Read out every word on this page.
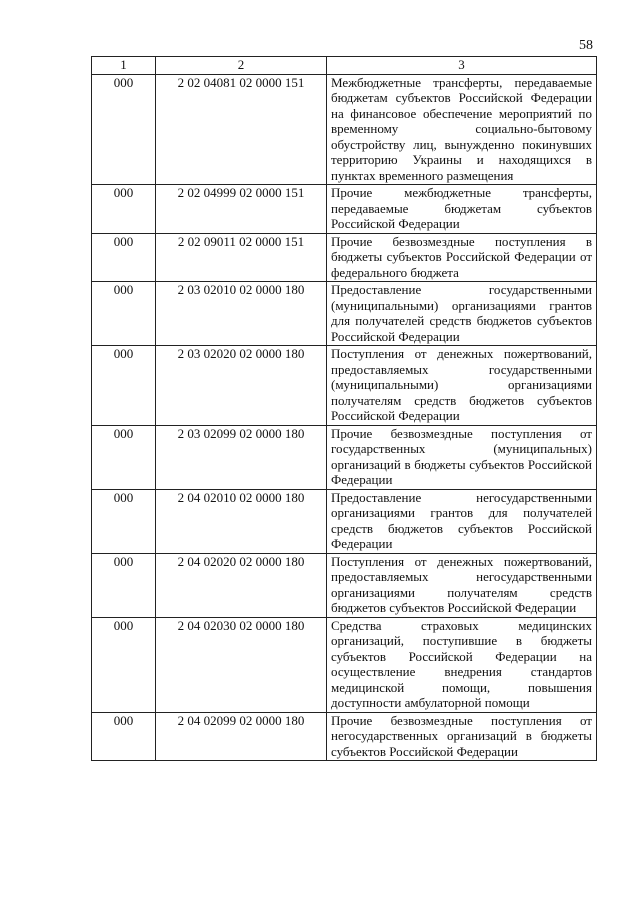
58
1	2	3
000	2 02 04081 02 0000 151	Межбюджетные трансферты, передаваемые бюджетам субъектов Российской Федерации на финансовое обеспечение мероприятий по временному социально-бытовому обустройству лиц, вынужденно покинувших территорию Украины и находящихся в пунктах временного размещения
000	2 02 04999 02 0000 151	Прочие межбюджетные трансферты, передаваемые бюджетам субъектов Российской Федерации
000	2 02 09011 02 0000 151	Прочие безвозмездные поступления в бюджеты субъектов Российской Федерации от федерального бюджета
000	2 03 02010 02 0000 180	Предоставление государственными (муниципальными) организациями грантов для получателей средств бюджетов субъектов Российской Федерации
000	2 03 02020 02 0000 180	Поступления от денежных пожертвований, предоставляемых государственными (муниципальными) организациями получателям средств бюджетов субъектов Российской Федерации
000	2 03 02099 02 0000 180	Прочие безвозмездные поступления от государственных (муниципальных) организаций в бюджеты субъектов Российской Федерации
000	2 04 02010 02 0000 180	Предоставление негосударственными организациями грантов для получателей средств бюджетов субъектов Российской Федерации
000	2 04 02020 02 0000 180	Поступления от денежных пожертвований, предоставляемых негосударственными организациями получателям средств бюджетов субъектов Российской Федерации
000	2 04 02030 02 0000 180	Средства страховых медицинских организаций, поступившие в бюджеты субъектов Российской Федерации на осуществление внедрения стандартов медицинской помощи, повышения доступности амбулаторной помощи
000	2 04 02099 02 0000 180	Прочие безвозмездные поступления от негосударственных организаций в бюджеты субъектов Российской Федерации
